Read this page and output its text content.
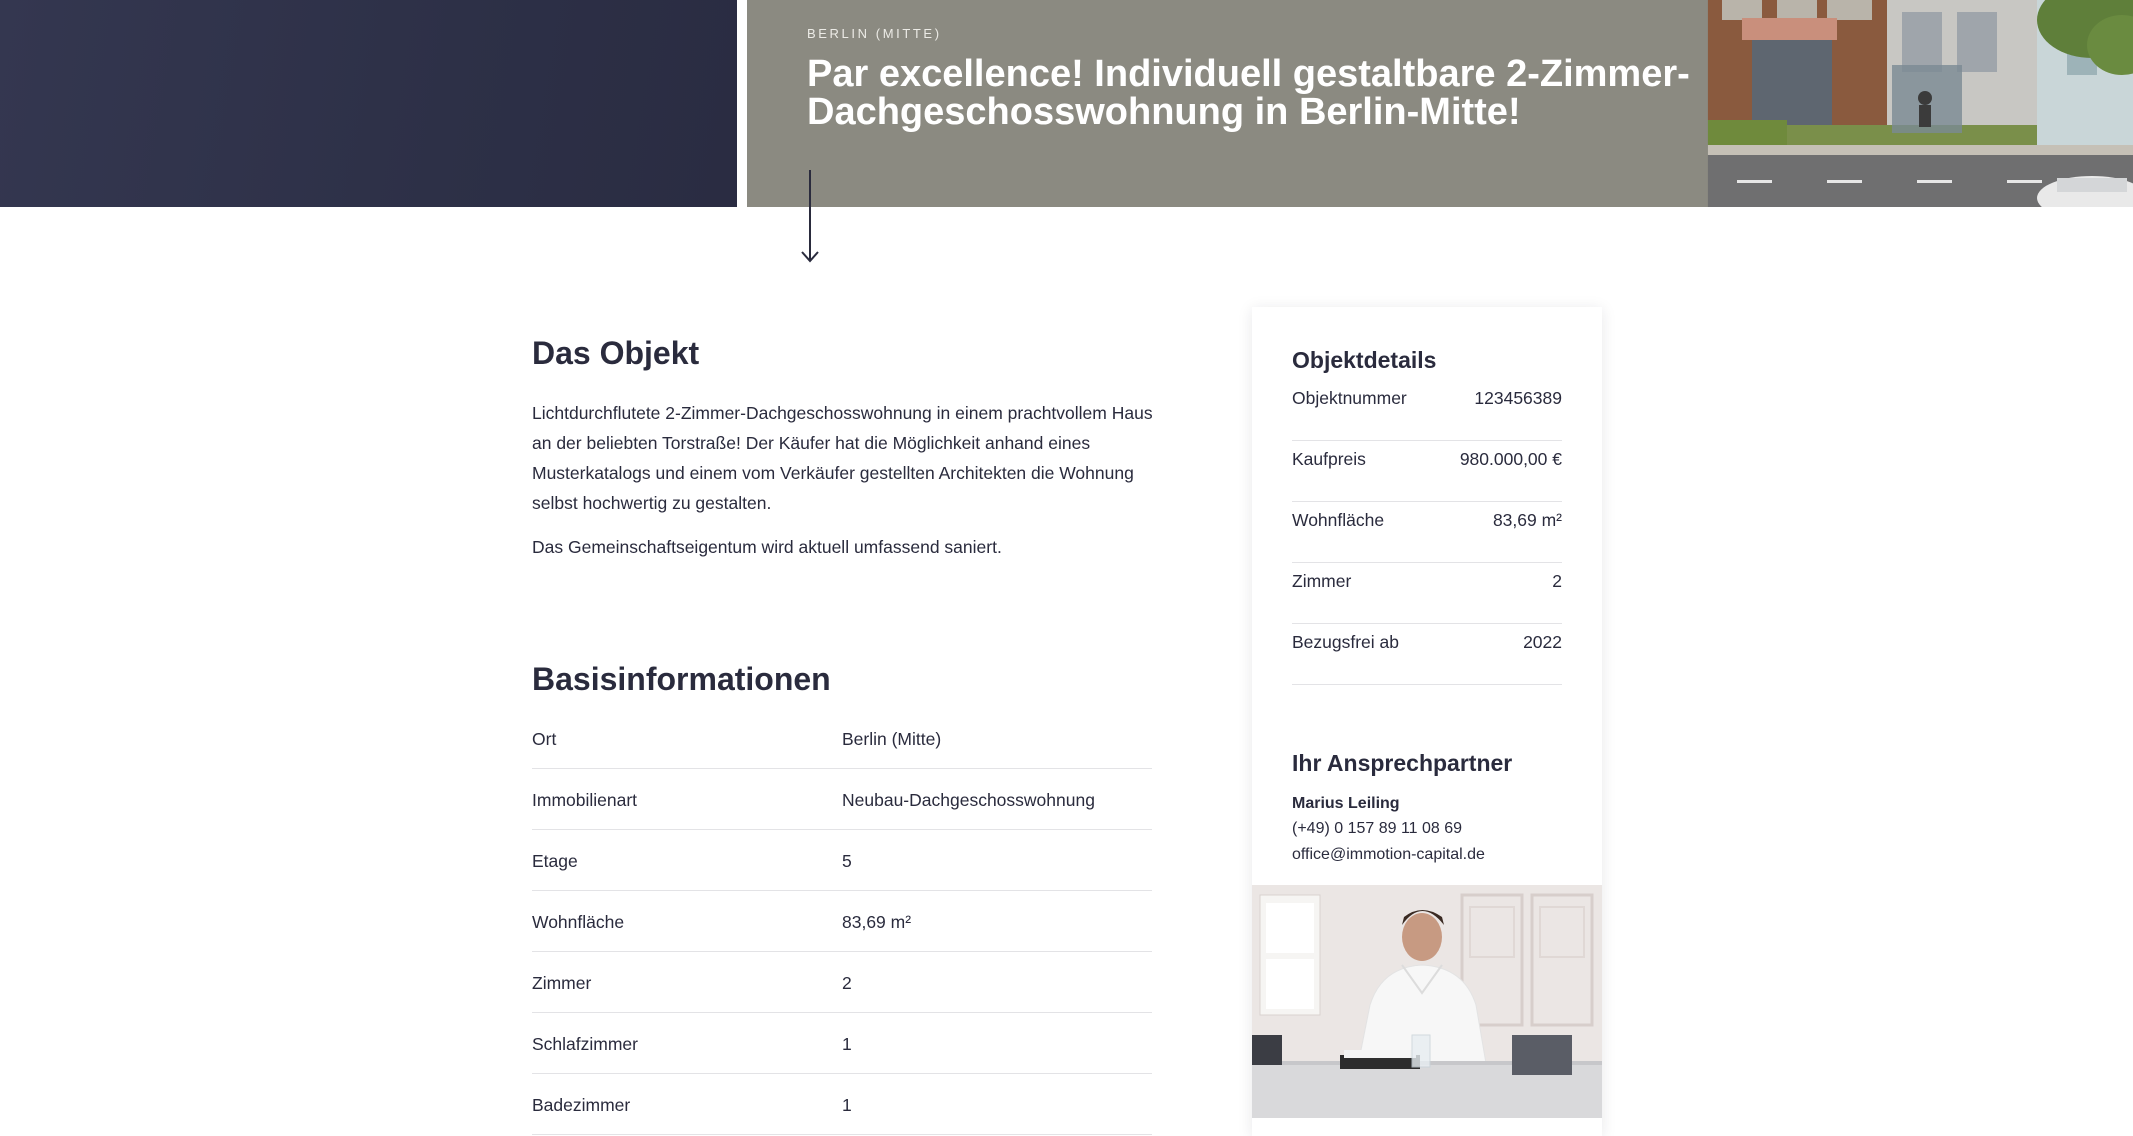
BERLIN (MITTE)
Par excellence! Individuell gestaltbare 2-Zimmer-Dachgeschosswohnung in Berlin-Mitte!
Das Objekt

Lichtdurchflutete 2-Zimmer-Dachgeschosswohnung in einem prachtvollem Haus an der beliebten Torstraße! Der Käufer hat die Möglichkeit anhand eines Musterkatalogs und einem vom Verkäufer gestellten Architekten die Wohnung selbst hochwertig zu gestalten.

Das Gemeinschaftseigentum wird aktuell umfassend saniert.

Basisinformationen
Ort	Berlin (Mitte)
Immobilienart	Neubau-Dachgeschosswohnung
Etage	5
Wohnfläche	83,69 m²
Zimmer	2
Schlafzimmer	1
Badezimmer	1
Objektdetails
Objektnummer	123456389
Kaufpreis	980.000,00 €
Wohnfläche	83,69 m²
Zimmer	2
Bezugsfrei ab	2022
Ihr Ansprechpartner
Marius Leiling
(+49) 0 157 89 11 08 69
office@immotion-capital.de
